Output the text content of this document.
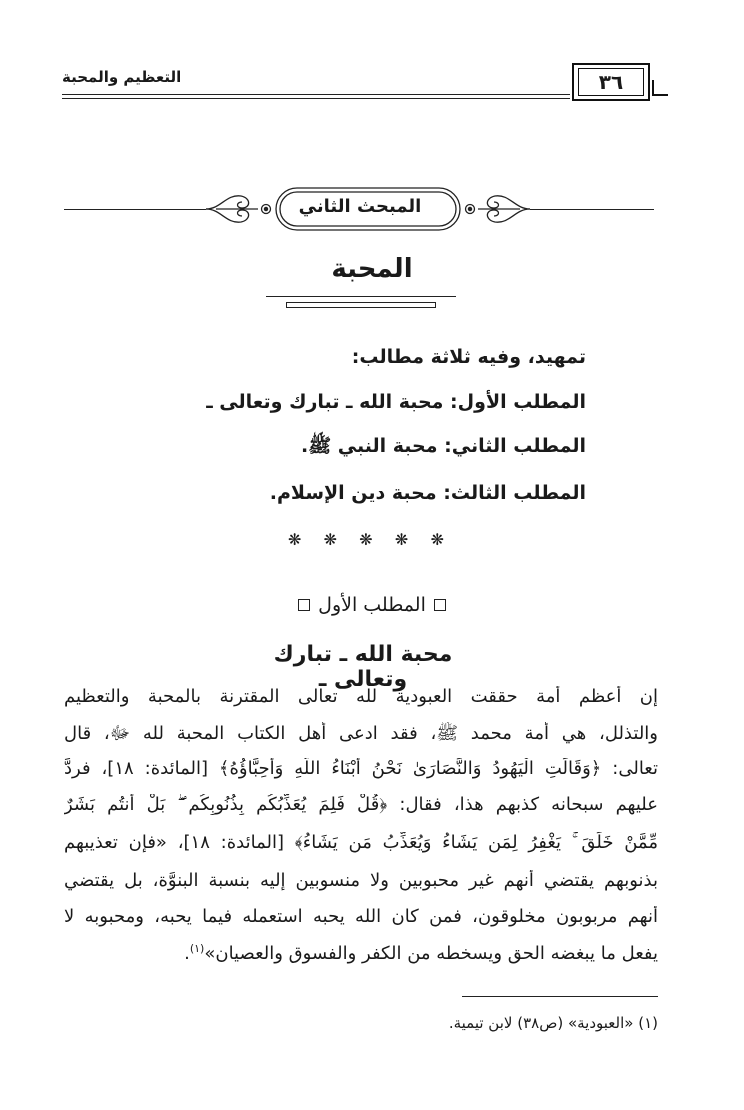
التعظيم والمحبة	٣٦
المبحث الثاني
المحبة
تمهيد، وفيه ثلاثة مطالب:
المطلب الأول: محبة الله ـ تبارك وتعالى ـ
المطلب الثاني: محبة النبي ﷺ.
المطلب الثالث: محبة دين الإسلام.
❋ ❋ ❋ ❋ ❋
المطلب الأول
محبة الله ـ تبارك وتعالى ـ
إن أعظم أمة حققت العبودية لله تعالى المقترنة بالمحبة والتعظيم
والتذلل، هي أمة محمد ﷺ، فقد ادعى أهل الكتاب المحبة لله ﷻ، قال
تعالى: ﴿وَقَالَتِ الْيَهُودُ وَالنَّصَارَىٰ نَحْنُ أَبْنَاءُ اللَّهِ وَأَحِبَّاؤُهُ﴾ [المائدة: ١٨]، فردَّ
عليهم سبحانه كذبهم هذا، فقال: ﴿قُلْ فَلِمَ يُعَذِّبُكُم بِذُنُوبِكُم ۖ بَلْ أَنتُم بَشَرٌ
مِّمَّنْ خَلَقَ ۚ يَغْفِرُ لِمَن يَشَاءُ وَيُعَذِّبُ مَن يَشَاءُ﴾ [المائدة: ١٨]، «فإن تعذيبهم
بذنوبهم يقتضي أنهم غير محبوبين ولا منسوبين إليه بنسبة البنوَّة، بل يقتضي
أنهم مربوبون مخلوقون، فمن كان الله يحبه استعمله فيما يحبه، ومحبوبه لا
يفعل ما يبغضه الحق ويسخطه من الكفر والفسوق والعصيان»$^{(١)}$.
(١) «العبودية» (ص٣٨) لابن تيمية.
